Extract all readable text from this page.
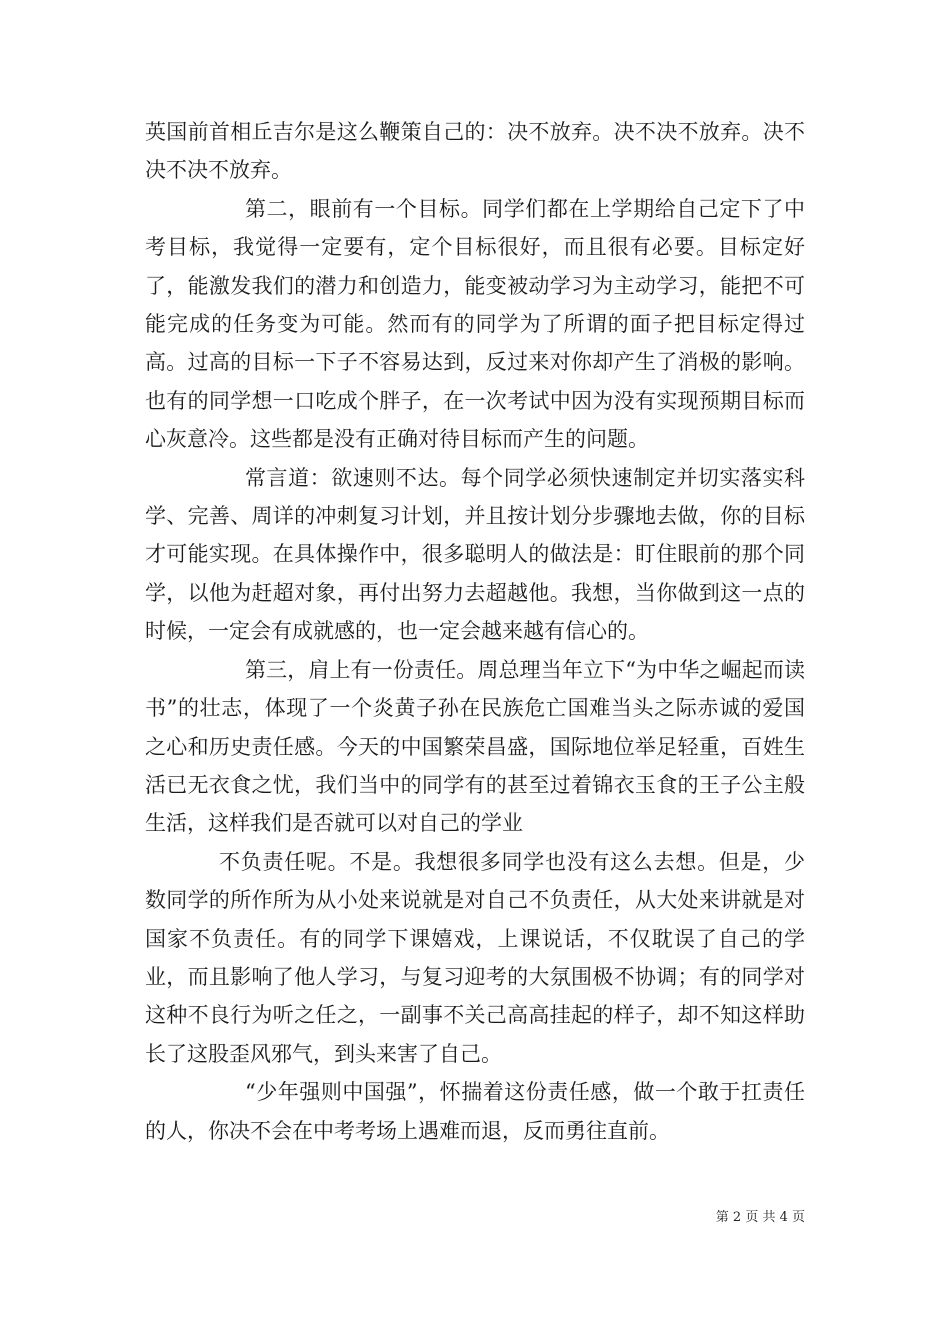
英国前首相丘吉尔是这么鞭策自己的：决不放弃。决不决不放弃。决不决不决不放弃。

第二，眼前有一个目标。同学们都在上学期给自己定下了中考目标，我觉得一定要有，定个目标很好，而且很有必要。目标定好了，能激发我们的潜力和创造力，能变被动学习为主动学习，能把不可能完成的任务变为可能。然而有的同学为了所谓的面子把目标定得过高。过高的目标一下子不容易达到，反过来对你却产生了消极的影响。也有的同学想一口吃成个胖子，在一次考试中因为没有实现预期目标而心灰意冷。这些都是没有正确对待目标而产生的问题。

常言道：欲速则不达。每个同学必须快速制定并切实落实科学、完善、周详的冲刺复习计划，并且按计划分步骤地去做，你的目标才可能实现。在具体操作中，很多聪明人的做法是：盯住眼前的那个同学，以他为赶超对象，再付出努力去超越他。我想，当你做到这一点的时候，一定会有成就感的，也一定会越来越有信心的。

第三，肩上有一份责任。周总理当年立下“为中华之崛起而读书”的壮志，体现了一个炎黄子孙在民族危亡国难当头之际赤诚的爱国之心和历史责任感。今天的中国繁荣昌盛，国际地位举足轻重，百姓生活已无衣食之忧，我们当中的同学有的甚至过着锦衣玉食的王子公主般生活，这样我们是否就可以对自己的学业

不负责任呢。不是。我想很多同学也没有这么去想。但是，少数同学的所作所为从小处来说就是对自己不负责任，从大处来讲就是对国家不负责任。有的同学下课嬉戏，上课说话，不仅耽误了自己的学业，而且影响了他人学习，与复习迎考的大氛围极不协调；有的同学对这种不良行为听之任之，一副事不关己高高挂起的样子，却不知这样助长了这股歪风邪气，到头来害了自己。

“少年强则中国强”，怀揣着这份责任感，做一个敢于扛责任的人，你决不会在中考考场上遇难而退，反而勇往直前。

第 2 页 共 4 页
